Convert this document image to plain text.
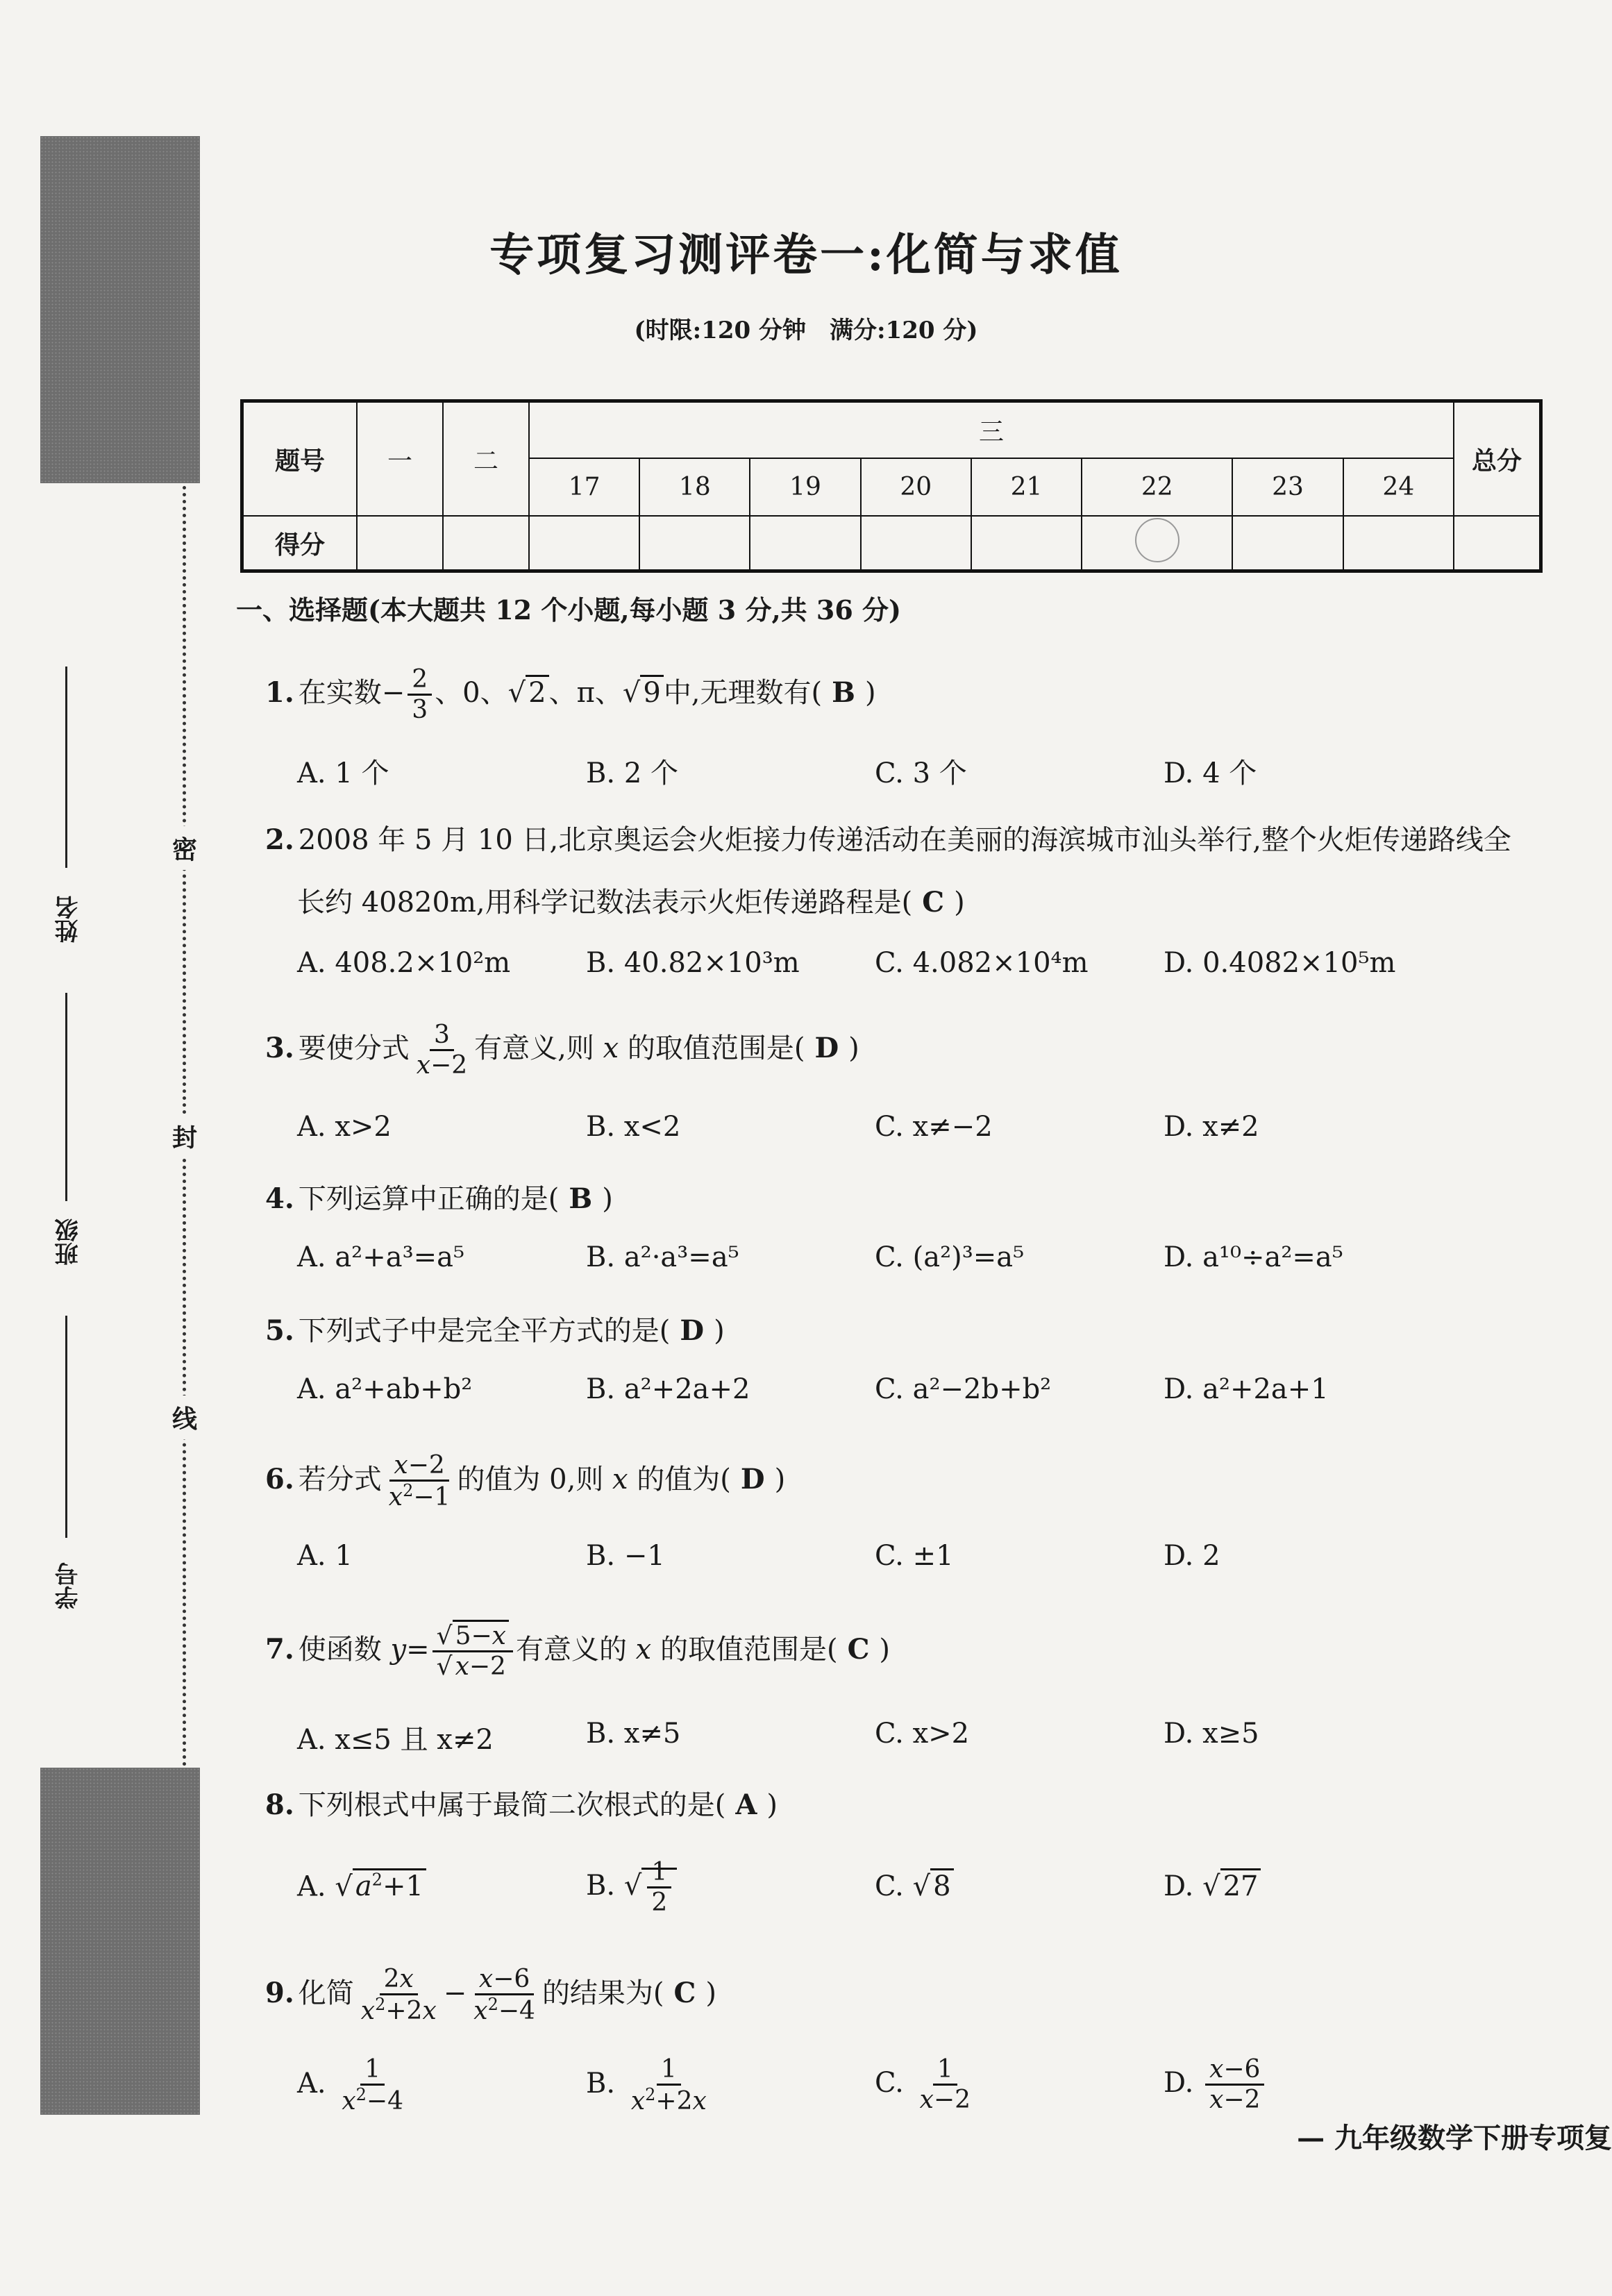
密
封
线
姓名
班级
学号
专项复习测评卷一:化简与求值
(时限:120 分钟　满分:120 分)
题号	一	二	三								总分
			17	18	19	20	21	22	23	24	
得分											
一、选择题(本大题共 12 个小题,每小题 3 分,共 36 分)
1. 在实数− $\frac{2}{3}$ 、0、√ 2 、π、√ 9 中,无理数有( B )
A. 1 个	B. 2 个	C. 3 个	D. 4 个
2. 2008 年 5 月 10 日,北京奥运会火炬接力传递活动在美丽的海滨城市汕头举行,整个火炬传递路线全
长约 40820m,用科学记数法表示火炬传递路程是( C )
A. 408.2×10²m	B. 40.82×10³m	C. 4.082×10⁴m	D. 0.4082×10⁵m
3. 要使分式 $\frac{3}{x-2}$ 有意义,则 x 的取值范围是( D )
A. x>2	B. x<2	C. x≠−2	D. x≠2
4. 下列运算中正确的是( B )
A. a²+a³=a⁵	B. a²·a³=a⁵	C. (a²)³=a⁵	D. a¹⁰÷a²=a⁵
5. 下列式子中是完全平方式的是( D )
A. a²+ab+b²	B. a²+2a+2	C. a²−2b+b²	D. a²+2a+1
6. 若分式 $\frac{x-2}{x^2-1}$ 的值为 0,则 x 的值为( D )
A. 1	B. −1	C. ±1	D. 2
7. 使函数 $y= \frac{√ 5-x}{√ x-2}$ 有意义的 x 的取值范围是( C )
A. x≤5 且 x≠2	B. x≠5	C. x>2	D. x≥5
8. 下列根式中属于最简二次根式的是( A )
A. √ $a^2+1$	B. √ $\frac{1}{2}$	C. √ 8	D. √ 27
9. 化简 $\frac{2x}{x^2+2x} - \frac{x-6}{x^2-4}$ 的结果为( C )
A. $\frac{1}{x^2-4}$	B. $\frac{1}{x^2+2x}$	C. $\frac{1}{x-2}$	D. $\frac{x-6}{x-2}$
— 九年级数学下册专项复
